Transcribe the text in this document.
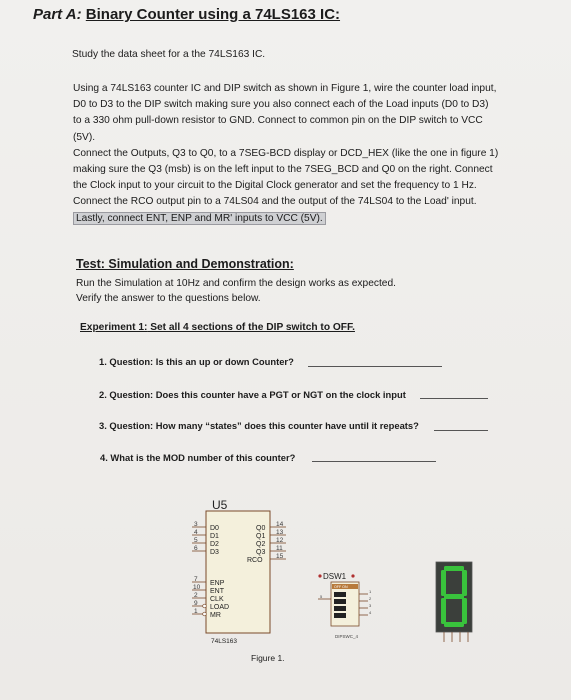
Part A: Binary Counter using a 74LS163 IC:
Study the data sheet for a the 74LS163 IC.
Using a 74LS163 counter IC and DIP switch as shown in Figure 1, wire the counter load input,
D0 to D3 to the DIP switch making sure you also connect each of the Load inputs (D0 to D3)
to a 330 ohm pull-down resistor to GND. Connect to common pin on the DIP switch to VCC
(5V).
Connect the Outputs, Q3 to Q0, to a 7SEG-BCD display or DCD_HEX (like the one in figure 1)
making sure the Q3 (msb) is on the left input to the 7SEG_BCD and Q0 on the right. Connect
the Clock input to your circuit to the Digital Clock generator and set the frequency to 1 Hz.
Connect the RCO output pin to a 74LS04 and the output of the 74LS04 to the Load' input.
Lastly, connect ENT, ENP and MR' inputs to VCC (5V).
Test: Simulation and Demonstration:
Run the Simulation at 10Hz and confirm the design works as expected.
Verify the answer to the questions below.
Experiment 1: Set all 4 sections of the DIP switch to OFF.
1. Question: Is this an up or down Counter?
2. Question: Does this counter have a PGT or NGT on the clock input
3. Question: How many “states” does this counter have until it repeats?
4. What is the MOD number of this counter?
U5
3
4
5
6
7
10
2
9
1
14
13
12
11
15
D0
D1
D2
D3
ENP
ENT
CLK
LOAD
MR
Q0
Q1
Q2
Q3
RCO
74LS163
DSW1
OFF ON
5
1
2
3
4
DIPSWC_4
Figure 1.
